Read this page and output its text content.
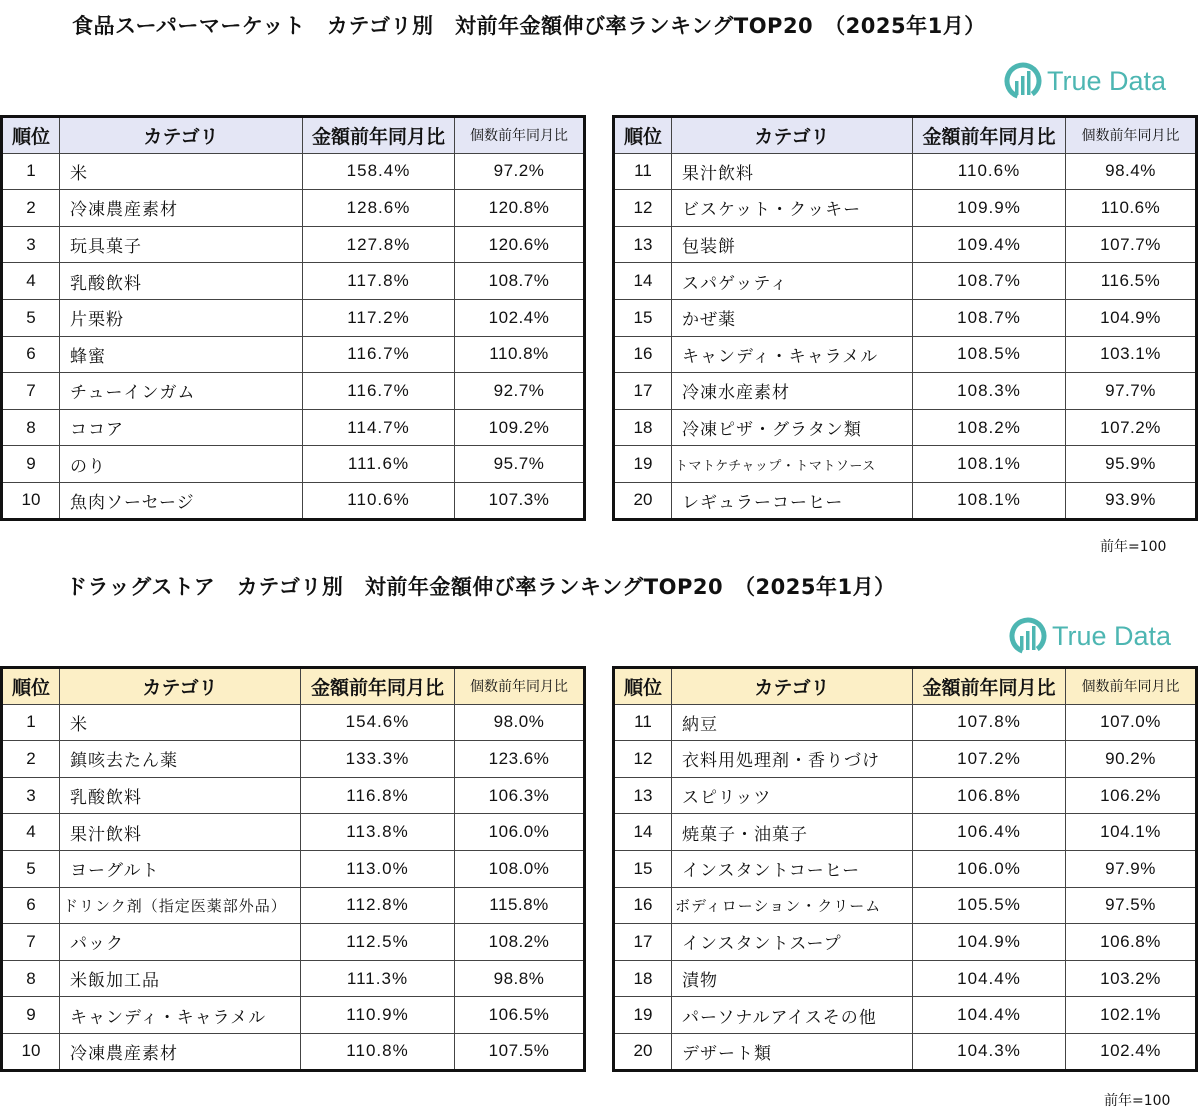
食品スーパーマーケット　カテゴリ別　対前年金額伸び率ランキングTOP20　（2025年1月）
True Data
順位	カテゴリ	金額前年同月比	個数前年同月比
1	米	158.4%	97.2%
2	冷凍農産素材	128.6%	120.8%
3	玩具菓子	127.8%	120.6%
4	乳酸飲料	117.8%	108.7%
5	片栗粉	117.2%	102.4%
6	蜂蜜	116.7%	110.8%
7	チューインガム	116.7%	92.7%
8	ココア	114.7%	109.2%
9	のり	111.6%	95.7%
10	魚肉ソーセージ	110.6%	107.3%
順位	カテゴリ	金額前年同月比	個数前年同月比
11	果汁飲料	110.6%	98.4%
12	ビスケット・クッキー	109.9%	110.6%
13	包装餅	109.4%	107.7%
14	スパゲッティ	108.7%	116.5%
15	かぜ薬	108.7%	104.9%
16	キャンディ・キャラメル	108.5%	103.1%
17	冷凍水産素材	108.3%	97.7%
18	冷凍ピザ・グラタン類	108.2%	107.2%
19	トマトケチャップ・トマトソース	108.1%	95.9%
20	レギュラーコーヒー	108.1%	93.9%
前年=100
ドラッグストア　カテゴリ別　対前年金額伸び率ランキングTOP20　（2025年1月）
True Data
順位	カテゴリ	金額前年同月比	個数前年同月比
1	米	154.6%	98.0%
2	鎮咳去たん薬	133.3%	123.6%
3	乳酸飲料	116.8%	106.3%
4	果汁飲料	113.8%	106.0%
5	ヨーグルト	113.0%	108.0%
6	ドリンク剤（指定医薬部外品）	112.8%	115.8%
7	パック	112.5%	108.2%
8	米飯加工品	111.3%	98.8%
9	キャンディ・キャラメル	110.9%	106.5%
10	冷凍農産素材	110.8%	107.5%
順位	カテゴリ	金額前年同月比	個数前年同月比
11	納豆	107.8%	107.0%
12	衣料用処理剤・香りづけ	107.2%	90.2%
13	スピリッツ	106.8%	106.2%
14	焼菓子・油菓子	106.4%	104.1%
15	インスタントコーヒー	106.0%	97.9%
16	ボディローション・クリーム	105.5%	97.5%
17	インスタントスープ	104.9%	106.8%
18	漬物	104.4%	103.2%
19	パーソナルアイスその他	104.4%	102.1%
20	デザート類	104.3%	102.4%
前年=100
